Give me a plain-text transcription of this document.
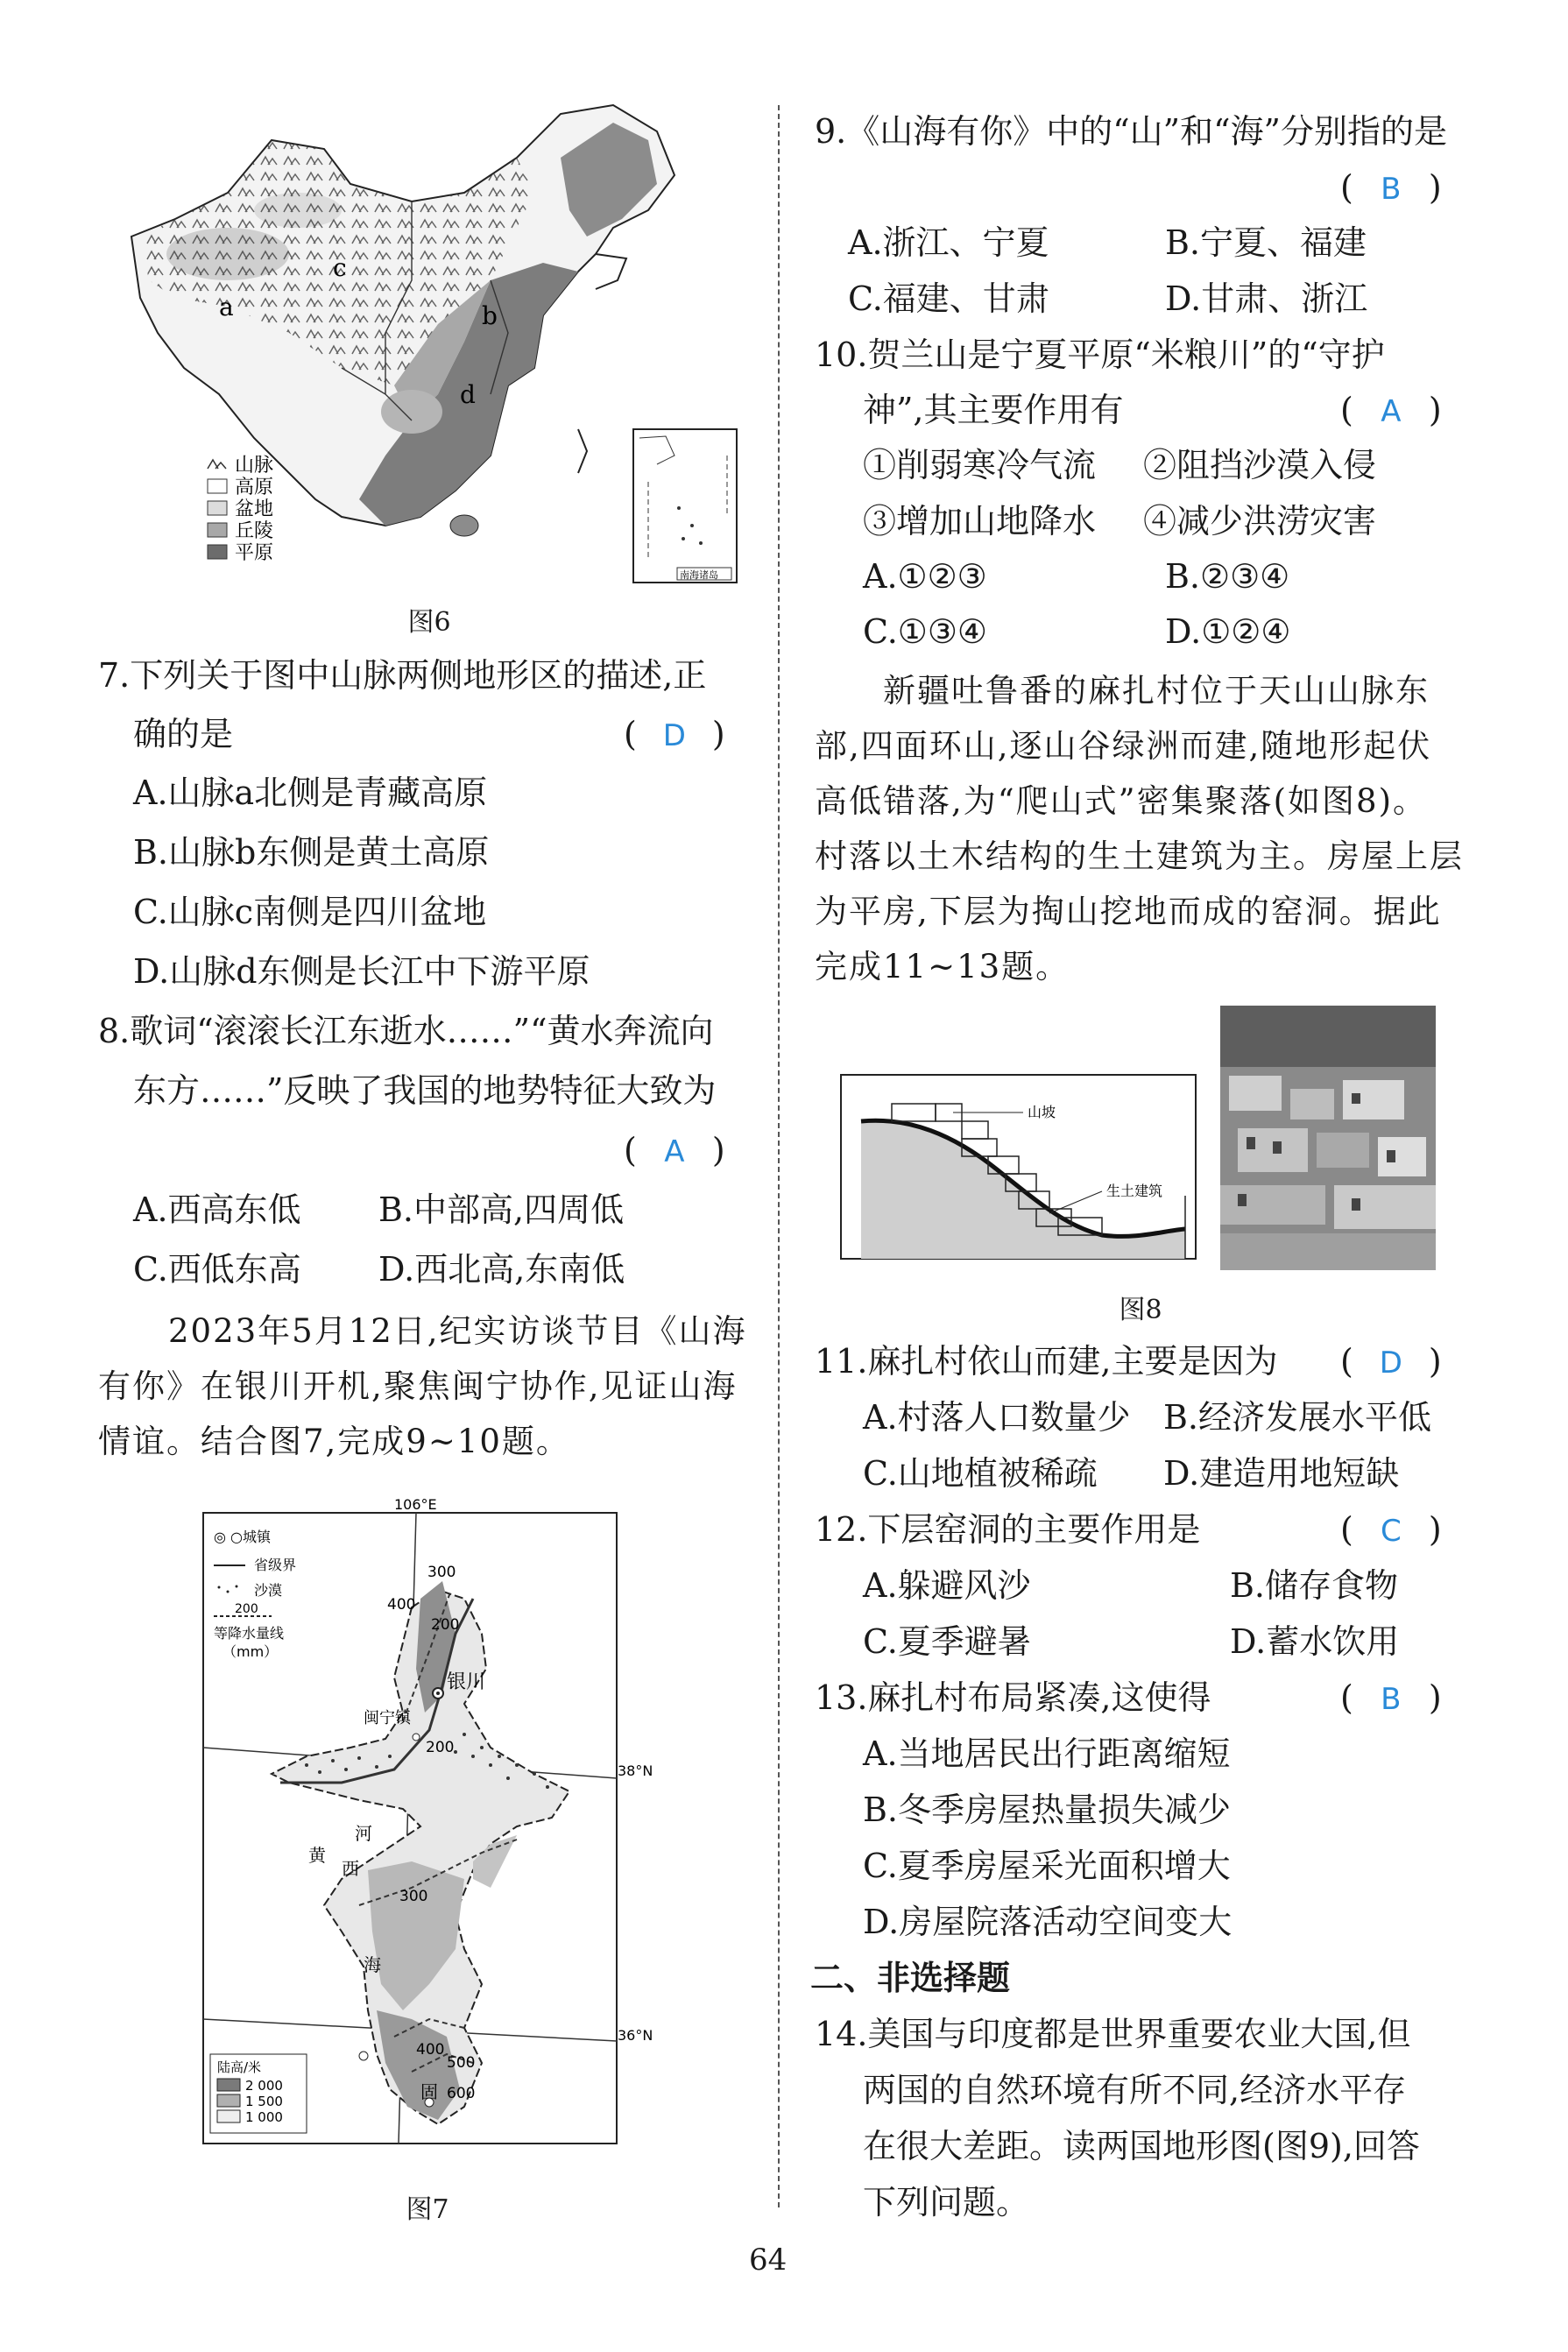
a
c
b
d
山脉
高原
盆地
丘陵
平原
南海诸岛
图6
7.下列关于图中山脉两侧地形区的描述,正
确的是	( D )
A.山脉a北侧是青藏高原
B.山脉b东侧是黄土高原
C.山脉c南侧是四川盆地
D.山脉d东侧是长江中下游平原
8.歌词“滚滚长江东逝水……”“黄水奔流向
东方……”反映了我国的地势特征大致为
( A )
A.西高东低 B.中部高,四周低
C.西低东高 D.西北高,东南低
2023年5月12日,纪实访谈节目《山海
有你》在银川开机,聚焦闽宁协作,见证山海
情谊。结合图7,完成9~10题。
106°E
38°N
36°N
300
400
200
200
300
400
500
600
银川
闽宁镇
固
黄
河
西
海
◎ ○城镇
省级界
沙漠
200
等降水量线
（mm）
陆高/米
2 000
1 500
1 000
图7
9.《山海有你》中的“山”和“海”分别指的是
( B )
A.浙江、宁夏	B.宁夏、福建
C.福建、甘肃	D.甘肃、浙江
10.贺兰山是宁夏平原“米粮川”的“守护
神”,其主要作用有	( A )
①削弱寒冷气流 ②阻挡沙漠入侵
③增加山地降水 ④减少洪涝灾害
A.①②③	B.②③④
C.①③④	D.①②④
新疆吐鲁番的麻扎村位于天山山脉东
部,四面环山,逐山谷绿洲而建,随地形起伏
高低错落,为“爬山式”密集聚落(如图8)。
村落以土木结构的生土建筑为主。房屋上层
为平房,下层为掏山挖地而成的窑洞。据此
完成11~13题。
山坡
生土建筑
图8
11.麻扎村依山而建,主要是因为 ( D )
A.村落人口数量少 B.经济发展水平低
C.山地植被稀疏 D.建造用地短缺
12.下层窑洞的主要作用是	( C )
A.躲避风沙	B.储存食物
C.夏季避暑	D.蓄水饮用
13.麻扎村布局紧凑,这使得	( B )
A.当地居民出行距离缩短
B.冬季房屋热量损失减少
C.夏季房屋采光面积增大
D.房屋院落活动空间变大
二、非选择题
14.美国与印度都是世界重要农业大国,但
两国的自然环境有所不同,经济水平存
在很大差距。读两国地形图(图9),回答
下列问题。
64
